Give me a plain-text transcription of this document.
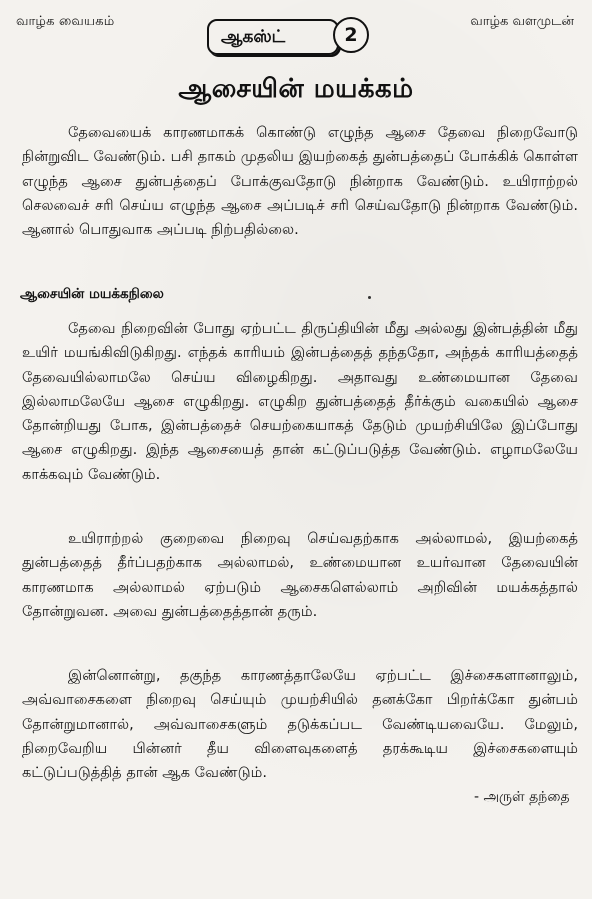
வாழ்க வையகம்	வாழ்க வளமுடன்
ஆகஸ்ட்	2
ஆசையின் மயக்கம்

தேவையைக் காரணமாகக் கொண்டு எழுந்த ஆசை தேவை நிறைவோடு நின்றுவிட வேண்டும். பசி தாகம் முதலிய இயற்கைத் துன்பத்தைப் போக்கிக் கொள்ள எழுந்த ஆசை துன்பத்தைப் போக்குவதோடு நின்றாக வேண்டும். உயிராற்றல் செலவைச் சரி செய்ய எழுந்த ஆசை அப்படிச் சரி செய்வதோடு நின்றாக வேண்டும். ஆனால் பொதுவாக அப்படி நிற்பதில்லை.

ஆசையின் மயக்கநிலை

தேவை நிறைவின் போது ஏற்பட்ட திருப்தியின் மீது அல்லது இன்பத்தின் மீது உயிர் மயங்கிவிடுகிறது. எந்தக் காரியம் இன்பத்தைத் தந்ததோ, அந்தக் காரியத்தைத் தேவையில்லாமலே செய்ய விழைகிறது. அதாவது உண்மையான தேவை இல்லாமலேயே ஆசை எழுகிறது. எழுகிற துன்பத்தைத் தீர்க்கும் வகையில் ஆசை தோன்றியது போக, இன்பத்தைச் செயற்கையாகத் தேடும் முயற்சியிலே இப்போது ஆசை எழுகிறது. இந்த ஆசையைத் தான் கட்டுப்படுத்த வேண்டும். எழாமலேயே காக்கவும் வேண்டும்.

உயிராற்றல் குறைவை நிறைவு செய்வதற்காக அல்லாமல், இயற்கைத் துன்பத்தைத் தீர்ப்பதற்காக அல்லாமல், உண்மையான உயர்வான தேவையின் காரணமாக அல்லாமல் ஏற்படும் ஆசைகளெல்லாம் அறிவின் மயக்கத்தால் தோன்றுவன. அவை துன்பத்தைத்தான் தரும்.

இன்னொன்று, தகுந்த காரணத்தாலேயே ஏற்பட்ட இச்சைகளானாலும், அவ்வாசைகளை நிறைவு செய்யும் முயற்சியில் தனக்கோ பிறர்க்கோ துன்பம் தோன்றுமானால், அவ்வாசைகளும் தடுக்கப்பட வேண்டியவையே. மேலும், நிறைவேறிய பின்னர் தீய விளைவுகளைத் தரக்கூடிய இச்சைகளையும் கட்டுப்படுத்தித் தான் ஆக வேண்டும்.

- அருள் தந்தை
